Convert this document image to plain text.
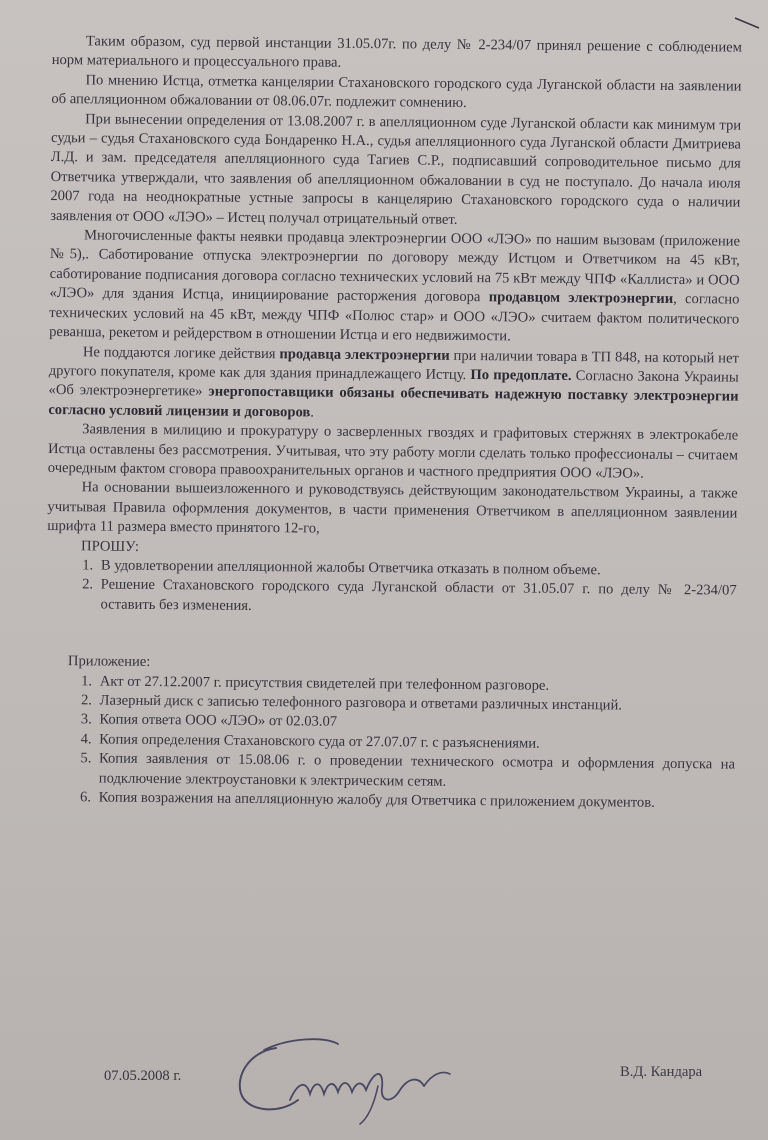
Таким образом, суд первой инстанции 31.05.07г. по делу № 2-234/07 принял решение с соблюдением норм материального и процессуального права.

По мнению Истца, отметка канцелярии Стахановского городского суда Луганской области на заявлении об апелляционном обжаловании от 08.06.07г. подлежит сомнению.

При вынесении определения от 13.08.2007 г. в апелляционном суде Луганской области как минимум три судьи – судья Стахановского суда Бондаренко Н.А., судья апелляционного суда Луганской области Дмитриева Л.Д. и зам. председателя апелляционного суда Тагиев С.Р., подписавший сопроводительное письмо для Ответчика утверждали, что заявления об апелляционном обжаловании в суд не поступало. До начала июля 2007 года на неоднократные устные запросы в канцелярию Стахановского городского суда о наличии заявления от ООО «ЛЭО» – Истец получал отрицательный ответ.

Многочисленные факты неявки продавца электроэнергии ООО «ЛЭО» по нашим вызовам (приложение №5),. Саботирование отпуска электроэнергии по договору между Истцом и Ответчиком на 45 кВт, саботирование подписания договора согласно технических условий на 75 кВт между ЧПФ «Каллиста» и ООО «ЛЭО» для здания Истца, инициирование расторжения договора продавцом электроэнергии, согласно технических условий на 45 кВт, между ЧПФ «Полюс стар» и ООО «ЛЭО» считаем фактом политического реванша, рекетом и рейдерством в отношении Истца и его недвижимости.

Не поддаются логике действия продавца электроэнергии при наличии товара в ТП 848, на который нет другого покупателя, кроме как для здания принадлежащего Истцу. По предоплате. Согласно Закона Украины «Об электроэнергетике» энергопоставщики обязаны обеспечивать надежную поставку электроэнергии согласно условий лицензии и договоров.

Заявления в милицию и прокуратуру о засверленных гвоздях и графитовых стержнях в электрокабеле Истца оставлены без рассмотрения. Учитывая, что эту работу могли сделать только профессионалы – считаем очередным фактом сговора правоохранительных органов и частного предприятия ООО «ЛЭО».

На основании вышеизложенного и руководствуясь действующим законодательством Украины, а также учитывая Правила оформления документов, в части применения Ответчиком в апелляционном заявлении шрифта 11 размера вместо принятого 12-го,

ПРОШУ:

1. В удовлетворении апелляционной жалобы Ответчика отказать в полном объеме.
2. Решение Стахановского городского суда Луганской области от 31.05.07 г. по делу № 2-234/07 оставить без изменения.

Приложение:

1. Акт от 27.12.2007 г. присутствия свидетелей при телефонном разговоре.
2. Лазерный диск с записью телефонного разговора и ответами различных инстанций.
3. Копия ответа ООО «ЛЭО» от 02.03.07
4. Копия определения Стахановского суда от 27.07.07 г. с разъяснениями.
5. Копия заявления от 15.08.06 г. о проведении технического осмотра и оформления допуска на подключение электроустановки к электрическим сетям.
6. Копия возражения на апелляционную жалобу для Ответчика с приложением документов.
07.05.2008 г.	В.Д. Кандара
